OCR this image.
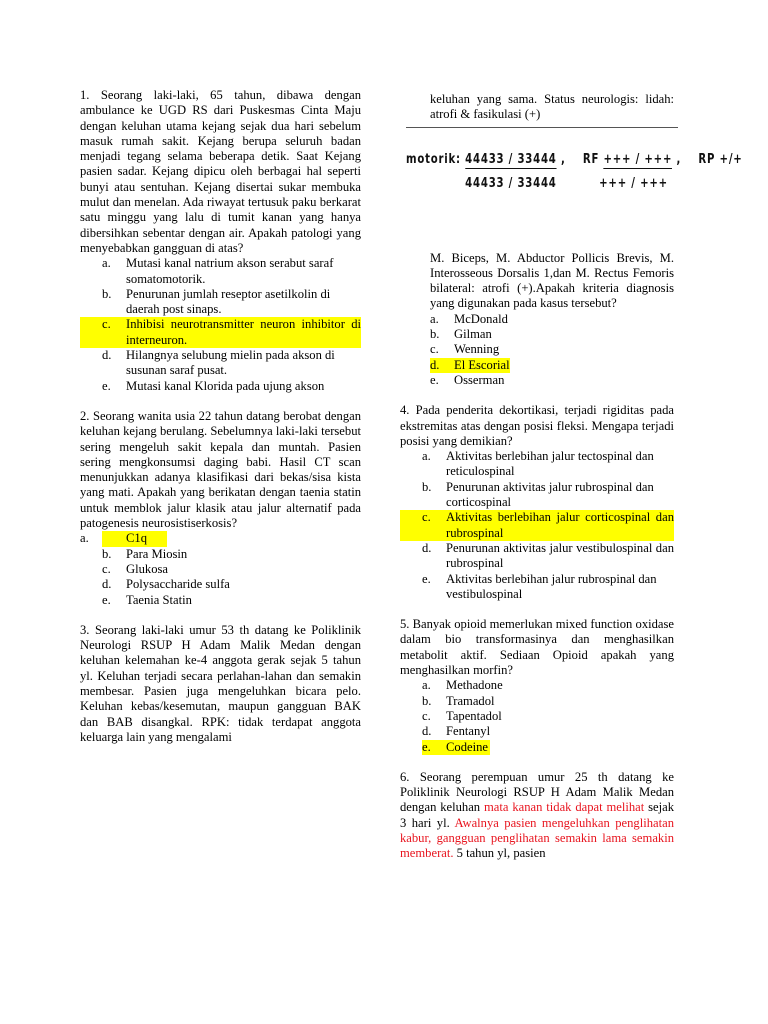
1. Seorang laki-laki, 65 tahun, dibawa dengan ambulance ke UGD RS dari Puskesmas Cinta Maju dengan keluhan utama kejang sejak dua hari sebelum masuk rumah sakit. Kejang berupa seluruh badan menjadi tegang selama beberapa detik. Saat Kejang pasien sadar. Kejang dipicu oleh berbagai hal seperti bunyi atau sentuhan. Kejang disertai sukar membuka mulut dan menelan. Ada riwayat tertusuk paku berkarat satu minggu yang lalu di tumit kanan yang hanya dibersihkan sebentar dengan air. Apakah patologi yang menyebabkan gangguan di atas?

a. Mutasi kanal natrium akson serabut saraf somatomotorik.
b. Penurunan jumlah reseptor asetilkolin di daerah post sinaps.
c. Inhibisi neurotransmitter neuron inhibitor di interneuron.
d. Hilangnya selubung mielin pada akson di susunan saraf pusat.
e. Mutasi kanal Klorida pada ujung akson

2. Seorang wanita usia 22 tahun datang berobat dengan keluhan kejang berulang. Sebelumnya laki-laki tersebut sering mengeluh sakit kepala dan muntah. Pasien sering mengkonsumsi daging babi. Hasil CT scan menunjukkan adanya klasifikasi dari bekas/sisa kista yang mati. Apakah yang berikatan dengan taenia statin untuk memblok jalur klasik atau jalur alternatif pada patogenesis neurosistiserkosis?

a.	C1q
b. Para Miosin
c. Glukosa
d. Polysaccharide sulfa
e. Taenia Statin

3. Seorang laki-laki umur 53 th datang ke Poliklinik Neurologi RSUP H Adam Malik Medan dengan keluhan kelemahan ke-4 anggota gerak sejak 5 tahun yl. Keluhan terjadi secara perlahan-lahan dan semakin membesar. Pasien juga mengeluhkan bicara pelo. Keluhan kebas/kesemutan, maupun gangguan BAK dan BAB disangkal. RPK: tidak terdapat anggota keluarga lain yang mengalami

keluhan yang sama. Status neurologis: lidah: atrofi & fasikulasi (+)

motorik: 44433 / 33444 ,    RF +++ / +++ ,    RP +/+
44433 / 33444	+++ / +++

M. Biceps, M. Abductor Pollicis Brevis, M. Interosseous Dorsalis 1,dan M. Rectus Femoris bilateral: atrofi (+).Apakah kriteria diagnosis yang digunakan pada kasus tersebut?

a. McDonald
b. Gilman
c. Wenning
d. El Escorial
e. Osserman

4. Pada penderita dekortikasi, terjadi rigiditas pada ekstremitas atas dengan posisi fleksi. Mengapa terjadi posisi yang demikian?

a. Aktivitas berlebihan jalur tectospinal dan reticulospinal
b. Penurunan aktivitas jalur rubrospinal dan corticospinal
c. Aktivitas berlebihan jalur corticospinal dan rubrospinal
d. Penurunan aktivitas jalur vestibulospinal dan rubrospinal
e. Aktivitas berlebihan jalur rubrospinal dan vestibulospinal

5. Banyak opioid memerlukan mixed function oxidase dalam bio transformasinya dan menghasilkan metabolit aktif. Sediaan Opioid apakah yang menghasilkan morfin?

a. Methadone
b. Tramadol
c. Tapentadol
d. Fentanyl
e. Codeine

6. Seorang perempuan umur 25 th datang ke Poliklinik Neurologi RSUP H Adam Malik Medan dengan keluhan mata kanan tidak dapat melihat sejak 3 hari yl. Awalnya pasien mengeluhkan penglihatan kabur, gangguan penglihatan semakin lama semakin memberat. 5 tahun yl, pasien
